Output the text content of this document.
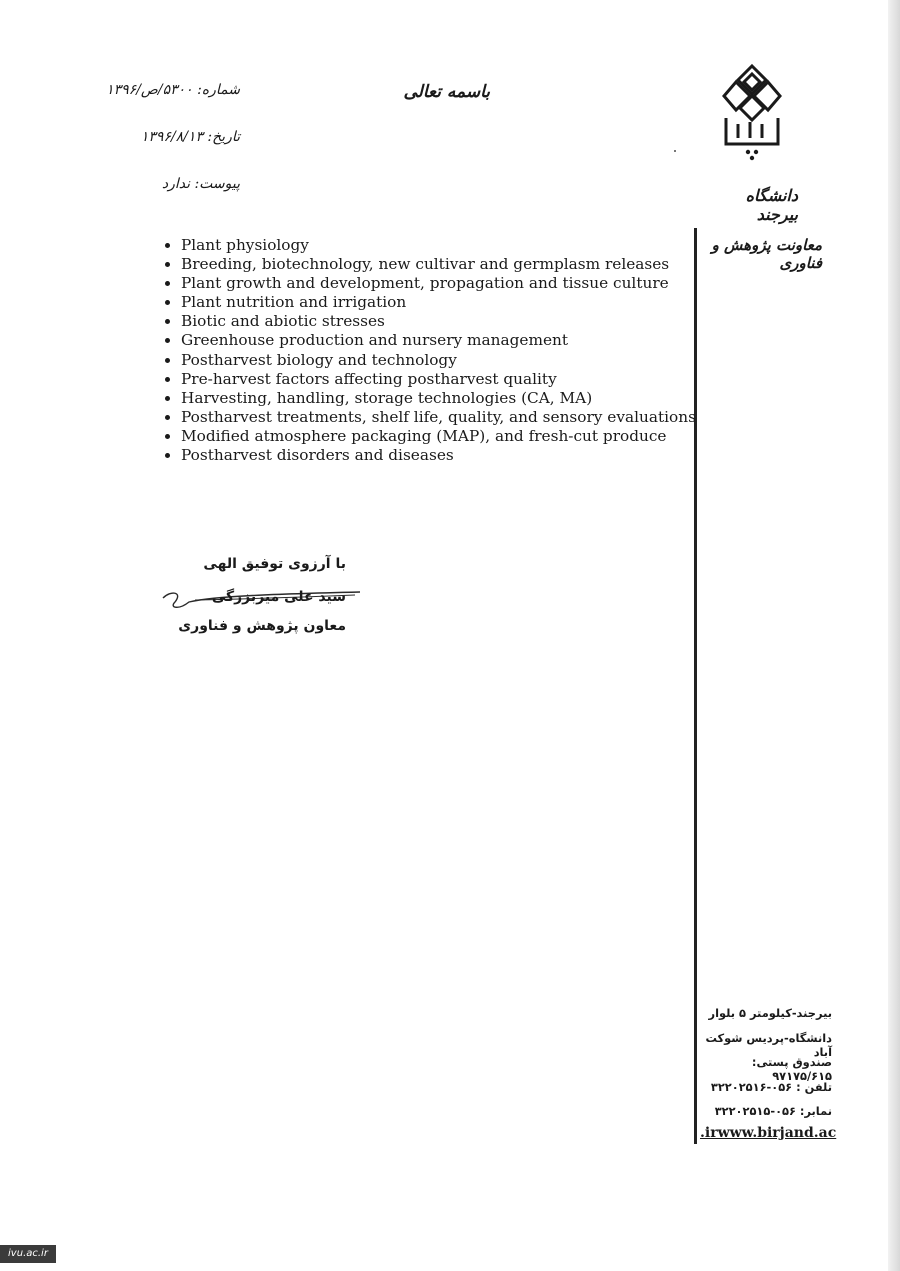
باسمه تعالی
شماره: ۵۳۰۰/ص/۱۳۹۶
تاریخ: ۱۳۹۶/۸/۱۳
پیوست: ندارد
دانشگاه بیرجند
معاونت پژوهش و فناوری
• Plant physiology
• Breeding, biotechnology, new cultivar and germplasm releases
• Plant growth and development, propagation and tissue culture
• Plant nutrition and irrigation
• Biotic and abiotic stresses
• Greenhouse production and nursery management
• Postharvest biology and technology
• Pre-harvest factors affecting postharvest quality
• Harvesting, handling, storage technologies (CA, MA)
• Postharvest treatments, shelf life, quality, and sensory evaluations
• Modified atmosphere packaging (MAP), and fresh-cut produce
• Postharvest disorders and diseases
با آرزوی توفیق الهی
سید علی میربزرگی
معاون پژوهش و فناوری
بیرجند-کیلومتر ۵ بلوار
دانشگاه-پردیس شوکت آباد
صندوق پستی: ۹۷۱۷۵/۶۱۵
تلفن : ۰۵۶-۳۲۲۰۲۵۱۶
نمابر: ۰۵۶-۳۲۲۰۲۵۱۵
.irwww.birjand.ac
ivu.ac.ir
